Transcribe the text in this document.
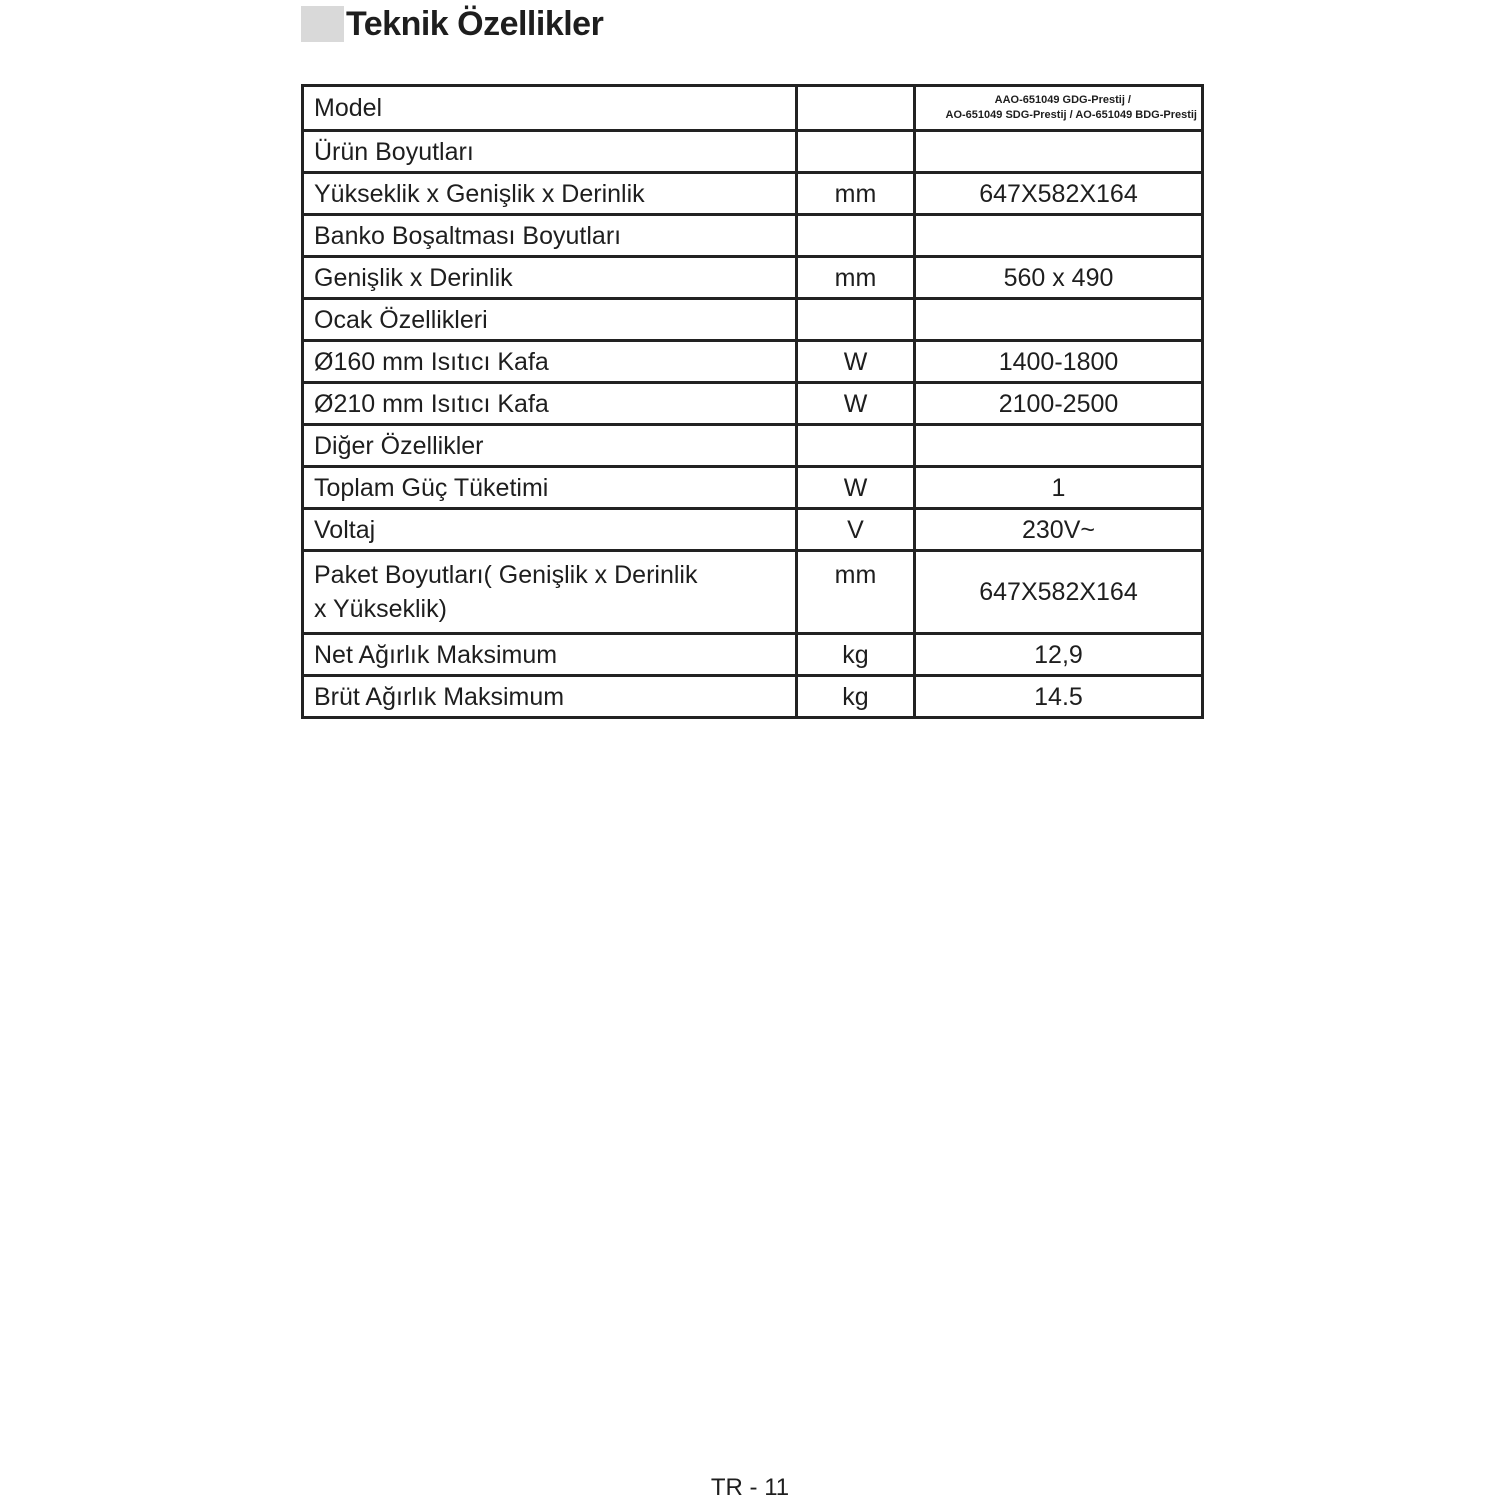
Teknik Özellikler
Model		AAO-651049 GDG-Prestij /
AO-651049 SDG-Prestij / AO-651049 BDG-Prestij

Ürün Boyutları		
Yükseklik x Genişlik x Derinlik	mm	647X582X164
Banko Boşaltması Boyutları		
Genişlik x Derinlik	mm	560 x 490
Ocak Özellikleri		
Ø160 mm Isıtıcı Kafa	W	1400-1800
Ø210 mm Isıtıcı Kafa	W	2100-2500
Diğer Özellikler		
Toplam Güç Tüketimi	W	1
Voltaj	V	230V~

Paket Boyutları( Genişlik x Derinlik
x Yükseklik)	mm	647X582X164
Net Ağırlık Maksimum	kg	12,9
Brüt Ağırlık Maksimum	kg	14.5
TR - 11
